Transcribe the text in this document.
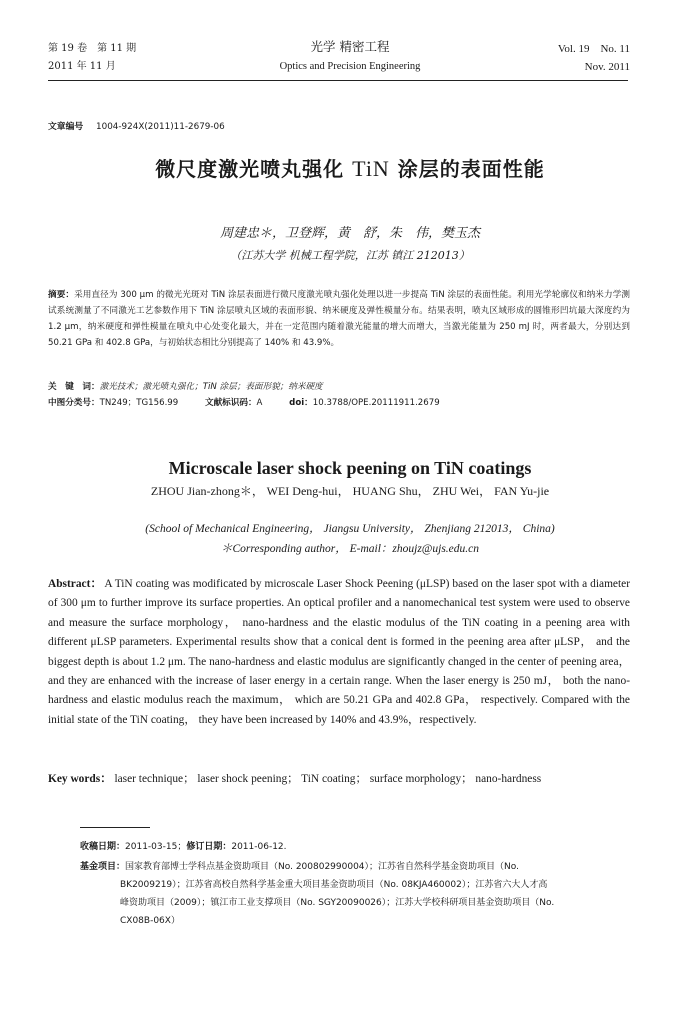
第 19 卷　第 11 期
2011 年 11 月
光学 精密工程
Optics and Precision Engineering
Vol. 19　No. 11
Nov. 2011
文章编号 1004-924X(2011)11-2679-06
微尺度激光喷丸强化 TiN 涂层的表面性能
周建忠＊，卫登辉，黄　舒，朱　伟，樊玉杰
（江苏大学 机械工程学院，江苏 镇江 212013）
摘要：采用直径为 300 μm 的微光光斑对 TiN 涂层表面进行微尺度激光喷丸强化处理以进一步提高 TiN 涂层的表面性能。利用光学轮廓仪和纳米力学测试系统测量了不同激光工艺参数作用下 TiN 涂层喷丸区域的表面形貌、纳米硬度及弹性模量分布。结果表明，喷丸区域形成的圆锥形凹坑最大深度约为 1.2 μm，纳米硬度和弹性模量在喷丸中心处变化最大，并在一定范围内随着激光能量的增大而增大，当激光能量为 250 mJ 时，两者最大，分别达到 50.21 GPa 和 402.8 GPa，与初始状态相比分别提高了 140% 和 43.9%。
关　键　词：激光技术；激光喷丸强化；TiN 涂层；表面形貌；纳米硬度
中图分类号：TN249；TG156.99	文献标识码：A	doi：10.3788/OPE.20111911.2679
Microscale laser shock peening on TiN coatings
ZHOU Jian-zhong＊， WEI Deng-hui， HUANG Shu， ZHU Wei， FAN Yu-jie
(School of Mechanical Engineering， Jiangsu University， Zhenjiang 212013， China)
＊Corresponding author， E-mail：zhoujz@ujs.edu.cn
Abstract： A TiN coating was modificated by microscale Laser Shock Peening (μLSP) based on the laser spot with a diameter of 300 μm to further improve its surface properties. An optical profiler and a nanomechanical test system were used to observe and measure the surface morphology， nano-hardness and the elastic modulus of the TiN coating in a peening area with different μLSP parameters. Experimental results show that a conical dent is formed in the peening area after μLSP， and the biggest depth is about 1.2 μm. The nano-hardness and elastic modulus are significantly changed in the center of peening area， and they are enhanced with the increase of laser energy in a certain range. When the laser energy is 250 mJ， both the nano-hardness and elastic modulus reach the maximum， which are 50.21 GPa and 402.8 GPa， respectively. Compared with the initial state of the TiN coating， they have been increased by 140% and 43.9%，respectively.
Key words： laser technique； laser shock peening； TiN coating； surface morphology； nano-hardness
收稿日期：2011-03-15；修订日期：2011-06-12.
基金项目：国家教育部博士学科点基金资助项目（No. 200802990004）；江苏省自然科学基金资助项目（No.
BK2009219）；江苏省高校自然科学基金重大项目基金资助项目（No. 08KJA460002）；江苏省六大人才高
峰资助项目（2009）；镇江市工业支撑项目（No. SGY20090026）；江苏大学校科研项目基金资助项目（No.
CX08B-06X）
